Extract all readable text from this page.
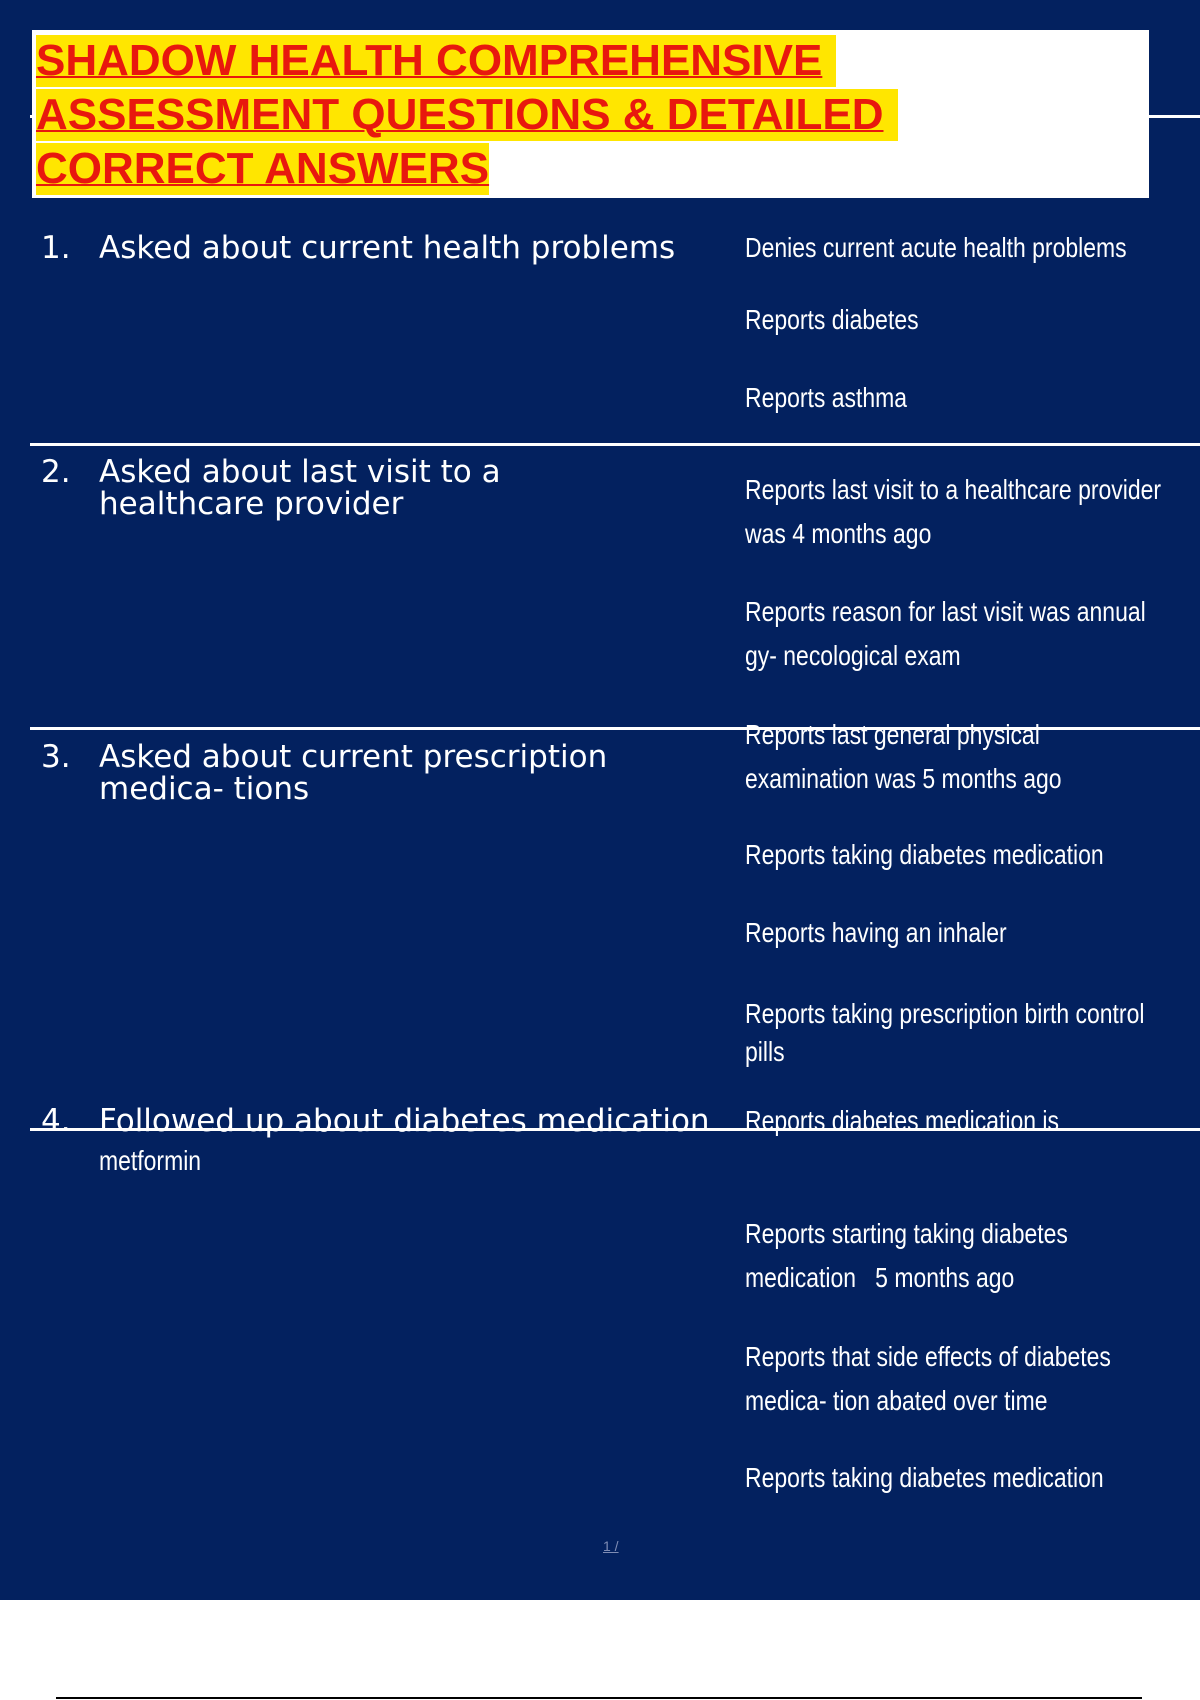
SHADOW HEALTH COMPREHENSIVE
ASSESSMENT QUESTIONS & DETAILED
CORRECT ANSWERS
1. Asked about current health problems	Denies current acute health problems
Reports diabetes
Reports asthma
2. Asked about last visit to a
healthcare provider	Reports last visit to a healthcare provider
was 4 months ago
Reports reason for last visit was annual
gy- necological exam
3. Asked about current prescription
medica- tions
Reports last general physical
examination was 5 months ago
Reports taking diabetes medication
Reports having an inhaler
Reports taking prescription birth control
pills
4. Followed up about diabetes medication
metformin
Reports diabetes medication is
Reports starting taking diabetes
medication   5 months ago
Reports that side effects of diabetes
medica- tion abated over time
Reports taking diabetes medication
1 /
